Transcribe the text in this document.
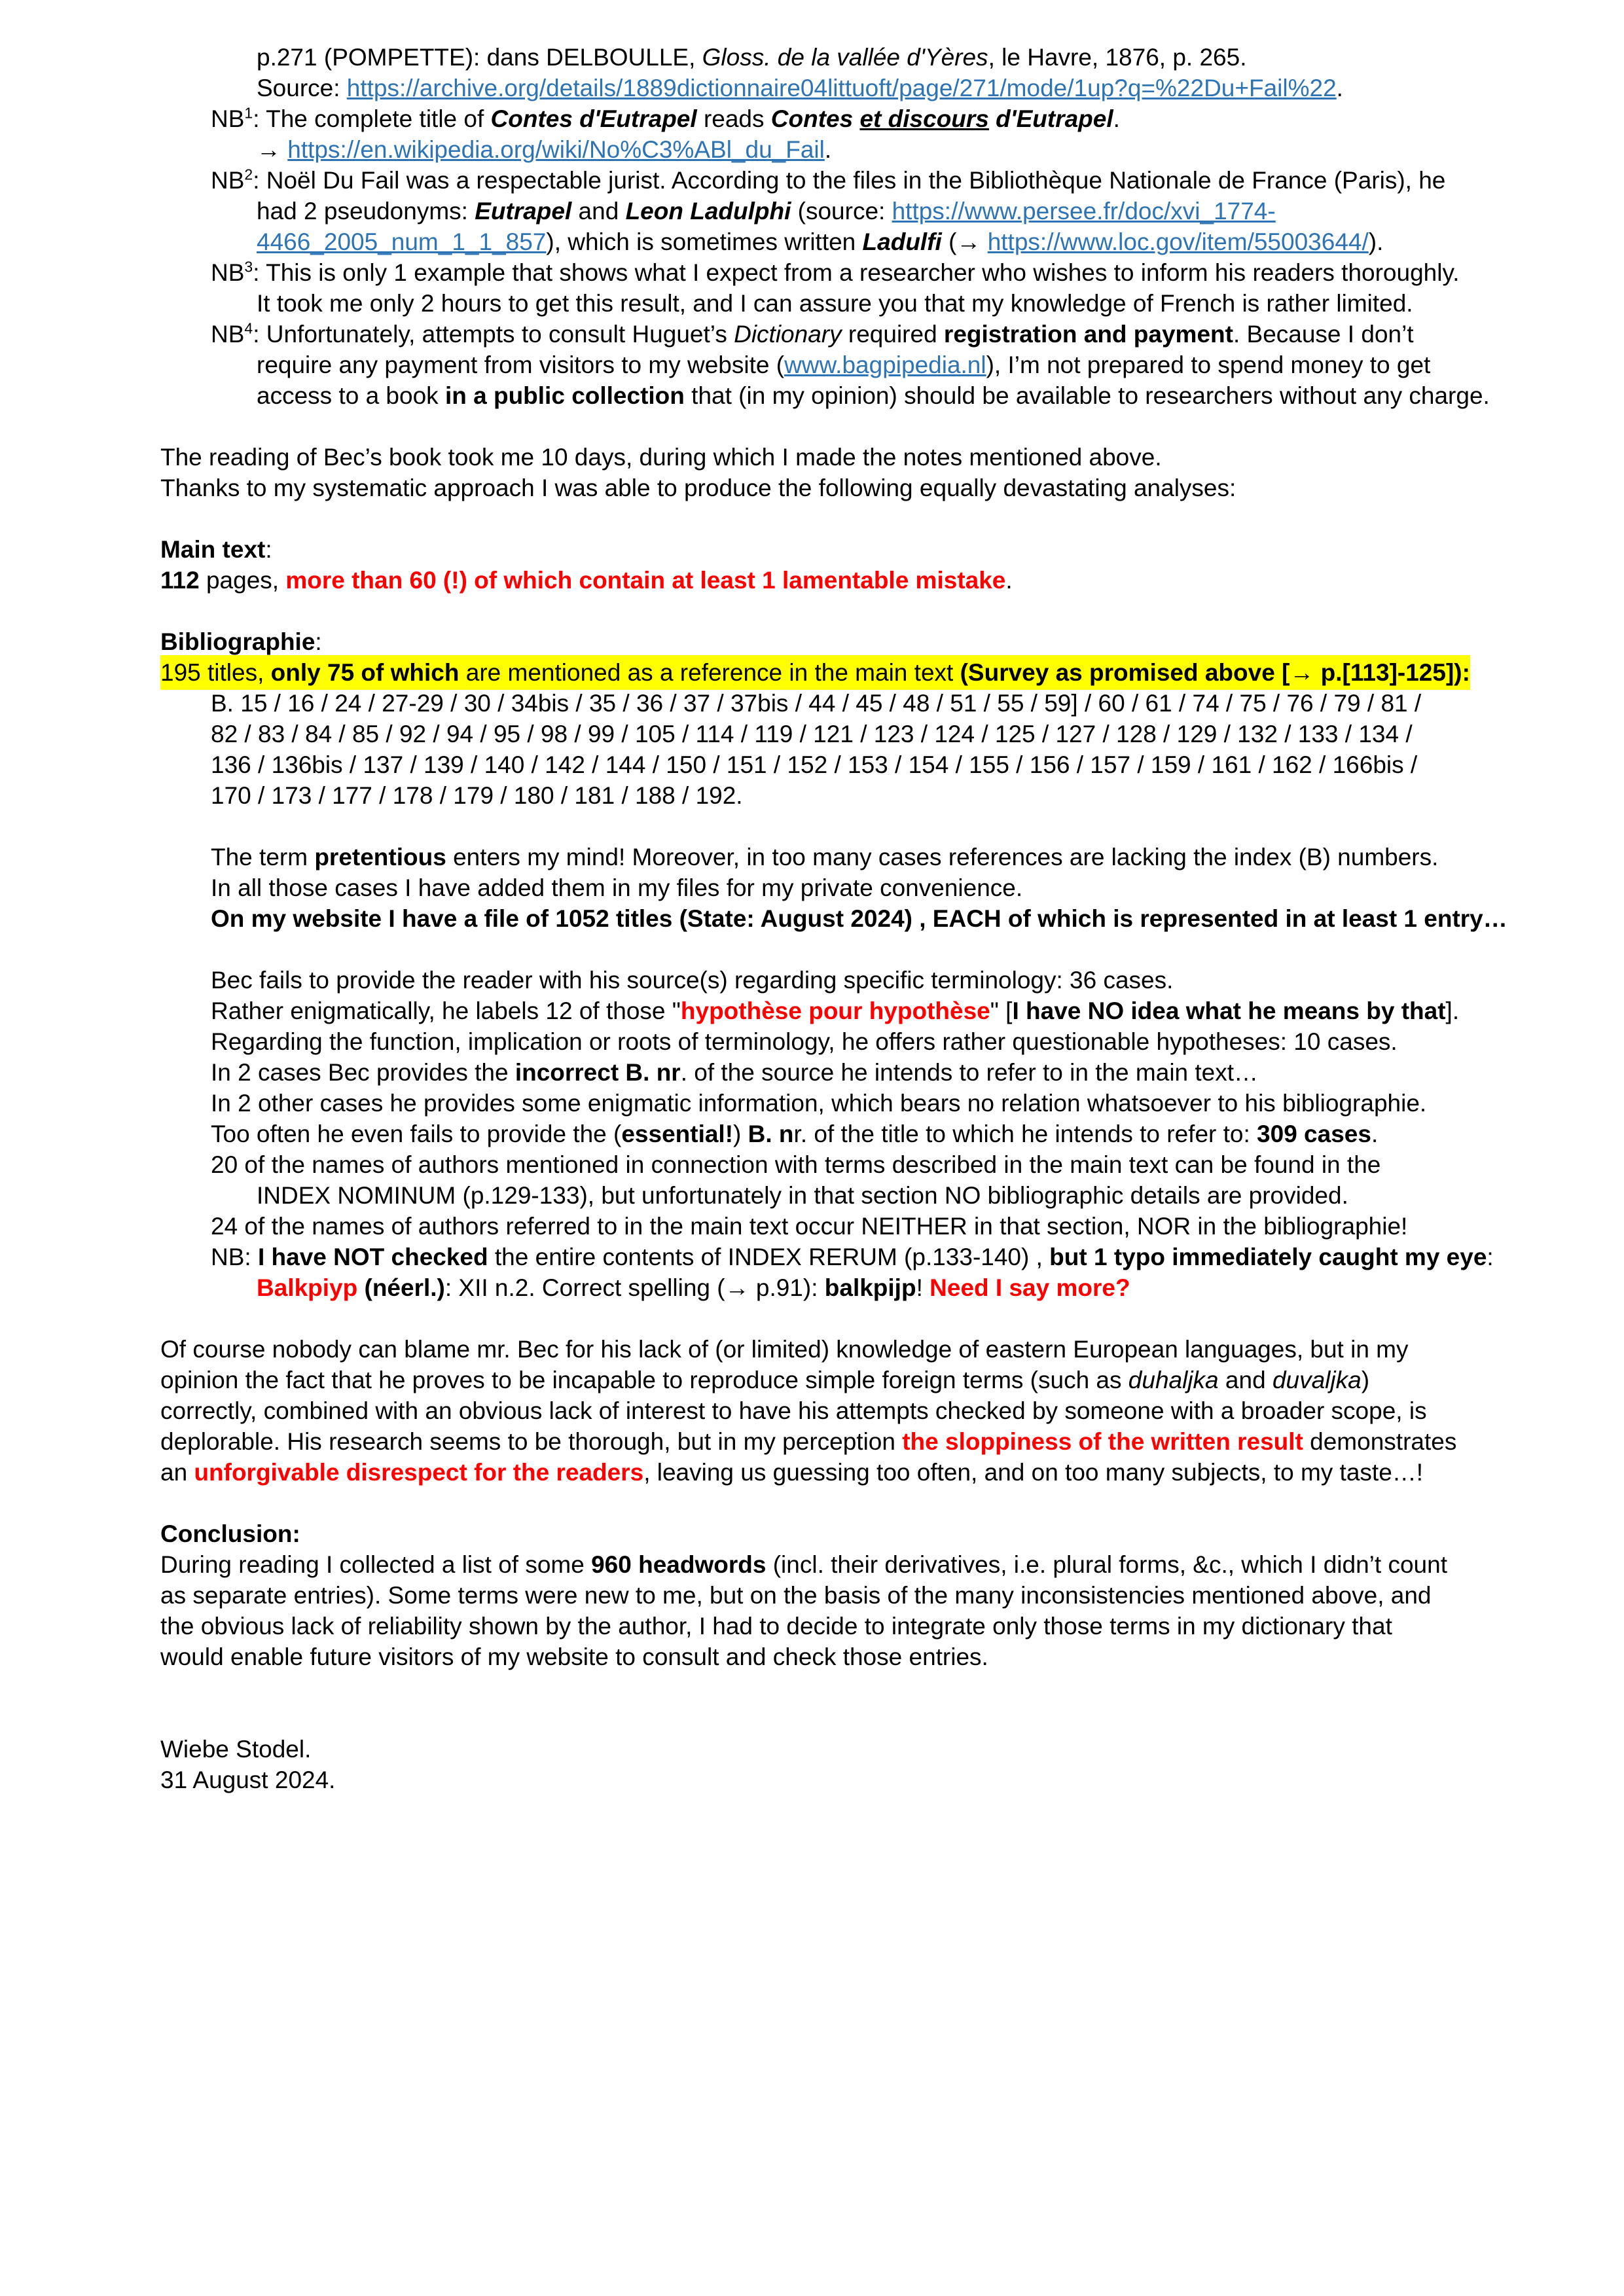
p.271 (POMPETTE): dans DELBOULLE, Gloss. de la vallée d'Yères, le Havre, 1876, p. 265.
Source: https://archive.org/details/1889dictionnaire04littuoft/page/271/mode/1up?q=%22Du+Fail%22.
$NB^1$: The complete title of Contes d'Eutrapel reads Contes et discours d'Eutrapel.
→ https://en.wikipedia.org/wiki/No%C3%ABl_du_Fail.
$NB^2$: Noël Du Fail was a respectable jurist. According to the files in the Bibliothèque Nationale de France (Paris), he
had 2 pseudonyms: Eutrapel and Leon Ladulphi (source: https://www.persee.fr/doc/xvi_1774-
4466_2005_num_1_1_857), which is sometimes written Ladulfi (→ https://www.loc.gov/item/55003644/).
$NB^3$: This is only 1 example that shows what I expect from a researcher who wishes to inform his readers thoroughly.
It took me only 2 hours to get this result, and I can assure you that my knowledge of French is rather limited.
$NB^4$: Unfortunately, attempts to consult Huguet’s Dictionary required registration and payment. Because I don’t
require any payment from visitors to my website (www.bagpipedia.nl), I’m not prepared to spend money to get
access to a book in a public collection that (in my opinion) should be available to researchers without any charge.
The reading of Bec’s book took me 10 days, during which I made the notes mentioned above.
Thanks to my systematic approach I was able to produce the following equally devastating analyses:
Main text:
112 pages, more than 60 (!) of which contain at least 1 lamentable mistake.
Bibliographie:
195 titles, only 75 of which are mentioned as a reference in the main text (Survey as promised above [→ p.[113]-125]):
B. 15 / 16 / 24 / 27-29 / 30 / 34bis / 35 / 36 / 37 / 37bis / 44 / 45 / 48 / 51 / 55 / 59] / 60 / 61 / 74 / 75 / 76 / 79 / 81 /
82 / 83 / 84 / 85 / 92 / 94 / 95 / 98 / 99 / 105 / 114 / 119 / 121 / 123 / 124 / 125 / 127 / 128 / 129 / 132 / 133 / 134 /
136 / 136bis / 137 / 139 / 140 / 142 / 144 / 150 / 151 / 152 / 153 / 154 / 155 / 156 / 157 / 159 / 161 / 162 / 166bis /
170 / 173 / 177 / 178 / 179 / 180 / 181 / 188 / 192.
The term pretentious enters my mind! Moreover, in too many cases references are lacking the index (B) numbers.
In all those cases I have added them in my files for my private convenience.
On my website I have a file of 1052 titles (State: August 2024) , EACH of which is represented in at least 1 entry…
Bec fails to provide the reader with his source(s) regarding specific terminology: 36 cases.
Rather enigmatically, he labels 12 of those "hypothèse pour hypothèse" [I have NO idea what he means by that].
Regarding the function, implication or roots of terminology, he offers rather questionable hypotheses: 10 cases.
In 2 cases Bec provides the incorrect B. nr. of the source he intends to refer to in the main text…
In 2 other cases he provides some enigmatic information, which bears no relation whatsoever to his bibliographie.
Too often he even fails to provide the (essential!) B. nr. of the title to which he intends to refer to: 309 cases.
20 of the names of authors mentioned in connection with terms described in the main text can be found in the
INDEX NOMINUM (p.129-133), but unfortunately in that section NO bibliographic details are provided.
24 of the names of authors referred to in the main text occur NEITHER in that section, NOR in the bibliographie!
NB: I have NOT checked the entire contents of INDEX RERUM (p.133-140) , but 1 typo immediately caught my eye:
Balkpiyp (néerl.): XII n.2. Correct spelling (→ p.91): balkpijp! Need I say more?
Of course nobody can blame mr. Bec for his lack of (or limited) knowledge of eastern European languages, but in my
opinion the fact that he proves to be incapable to reproduce simple foreign terms (such as duhaljka and duvaljka)
correctly, combined with an obvious lack of interest to have his attempts checked by someone with a broader scope, is
deplorable. His research seems to be thorough, but in my perception the sloppiness of the written result demonstrates
an unforgivable disrespect for the readers, leaving us guessing too often, and on too many subjects, to my taste…!
Conclusion:
During reading I collected a list of some 960 headwords (incl. their derivatives, i.e. plural forms, &c., which I didn’t count
as separate entries). Some terms were new to me, but on the basis of the many inconsistencies mentioned above, and
the obvious lack of reliability shown by the author, I had to decide to integrate only those terms in my dictionary that
would enable future visitors of my website to consult and check those entries.
Wiebe Stodel.
31 August 2024.
